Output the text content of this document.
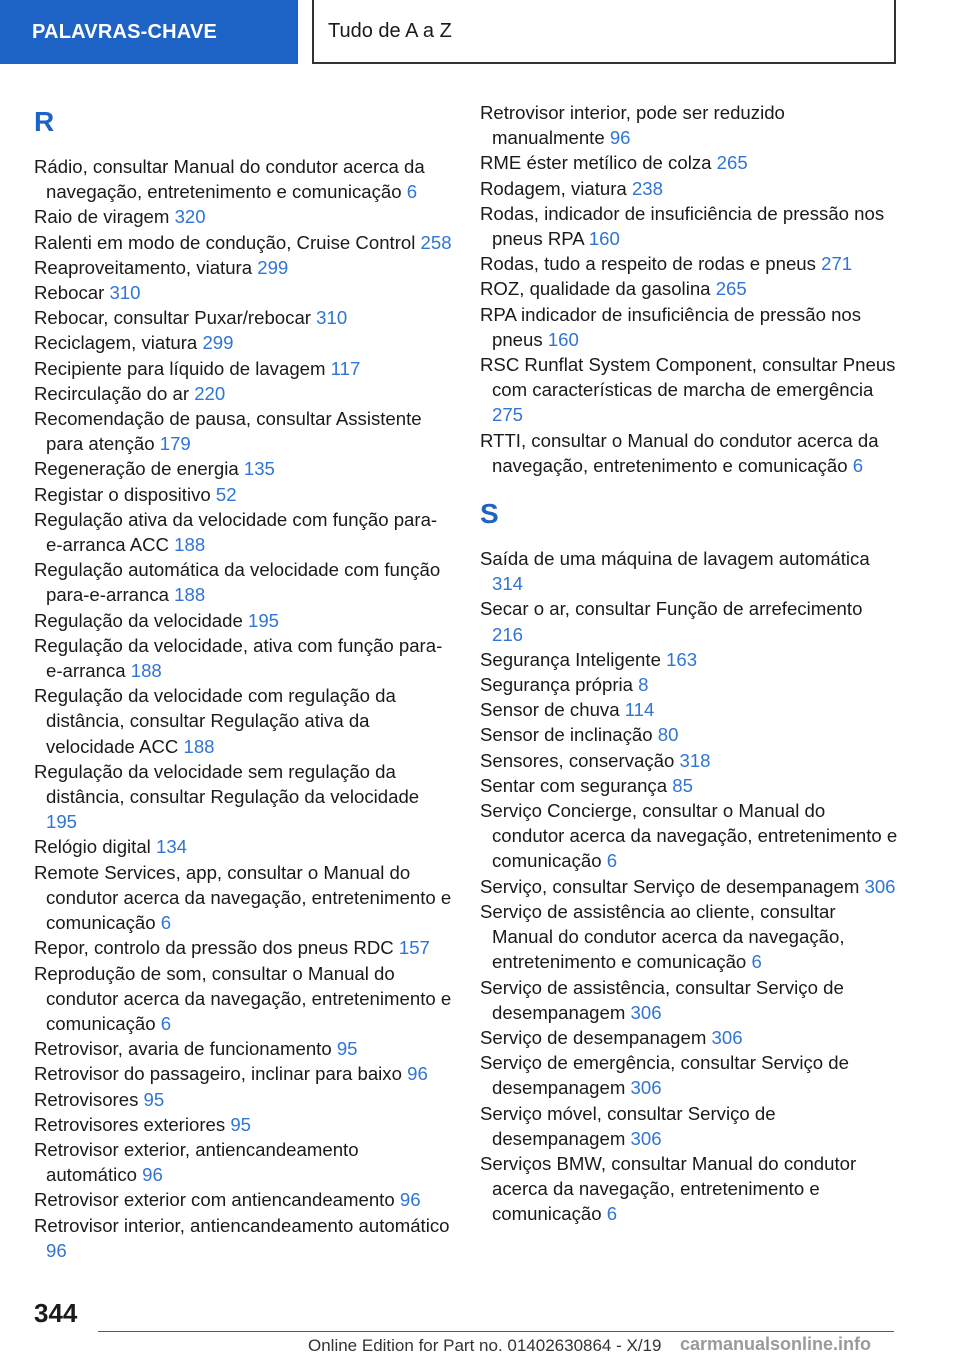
PALAVRAS-CHAVE	Tudo de A a Z
R
Rádio, consultar Manual do condutor acerca da navegação, entretenimento e comunicação 6
Raio de viragem 320
Ralenti em modo de condução, Cruise Control 258
Reaproveitamento, viatura 299
Rebocar 310
Rebocar, consultar Puxar/rebocar 310
Reciclagem, viatura 299
Recipiente para líquido de lavagem 117
Recirculação do ar 220
Recomendação de pausa, consultar Assistente para atenção 179
Regeneração de energia 135
Registar o dispositivo 52
Regulação ativa da velocidade com função para-e-arranca ACC 188
Regulação automática da velocidade com função para-e-arranca 188
Regulação da velocidade 195
Regulação da velocidade, ativa com função para-e-arranca 188
Regulação da velocidade com regulação da distância, consultar Regulação ativa da velocidade ACC 188
Regulação da velocidade sem regulação da distância, consultar Regulação da velocidade 195
Relógio digital 134
Remote Services, app, consultar o Manual do condutor acerca da navegação, entretenimento e comunicação 6
Repor, controlo da pressão dos pneus RDC 157
Reprodução de som, consultar o Manual do condutor acerca da navegação, entretenimento e comunicação 6
Retrovisor, avaria de funcionamento 95
Retrovisor do passageiro, inclinar para baixo 96
Retrovisores 95
Retrovisores exteriores 95
Retrovisor exterior, antiencandeamento automático 96
Retrovisor exterior com antiencandeamento 96
Retrovisor interior, antiencandeamento automático 96
Retrovisor interior, pode ser reduzido manualmente 96
RME éster metílico de colza 265
Rodagem, viatura 238
Rodas, indicador de insuficiência de pressão nos pneus RPA 160
Rodas, tudo a respeito de rodas e pneus 271
ROZ, qualidade da gasolina 265
RPA indicador de insuficiência de pressão nos pneus 160
RSC Runflat System Component, consultar Pneus com características de marcha de emergência 275
RTTI, consultar o Manual do condutor acerca da navegação, entretenimento e comunicação 6
S
Saída de uma máquina de lavagem automática 314
Secar o ar, consultar Função de arrefecimento 216
Segurança Inteligente 163
Segurança própria 8
Sensor de chuva 114
Sensor de inclinação 80
Sensores, conservação 318
Sentar com segurança 85
Serviço Concierge, consultar o Manual do condutor acerca da navegação, entretenimento e comunicação 6
Serviço, consultar Serviço de desempanagem 306
Serviço de assistência ao cliente, consultar Manual do condutor acerca da navegação, entretenimento e comunicação 6
Serviço de assistência, consultar Serviço de desempanagem 306
Serviço de desempanagem 306
Serviço de emergência, consultar Serviço de desempanagem 306
Serviço móvel, consultar Serviço de desempanagem 306
Serviços BMW, consultar Manual do condutor acerca da navegação, entretenimento e comunicação 6
344
Online Edition for Part no. 01402630864 - X/19 carmanualsonline.info
